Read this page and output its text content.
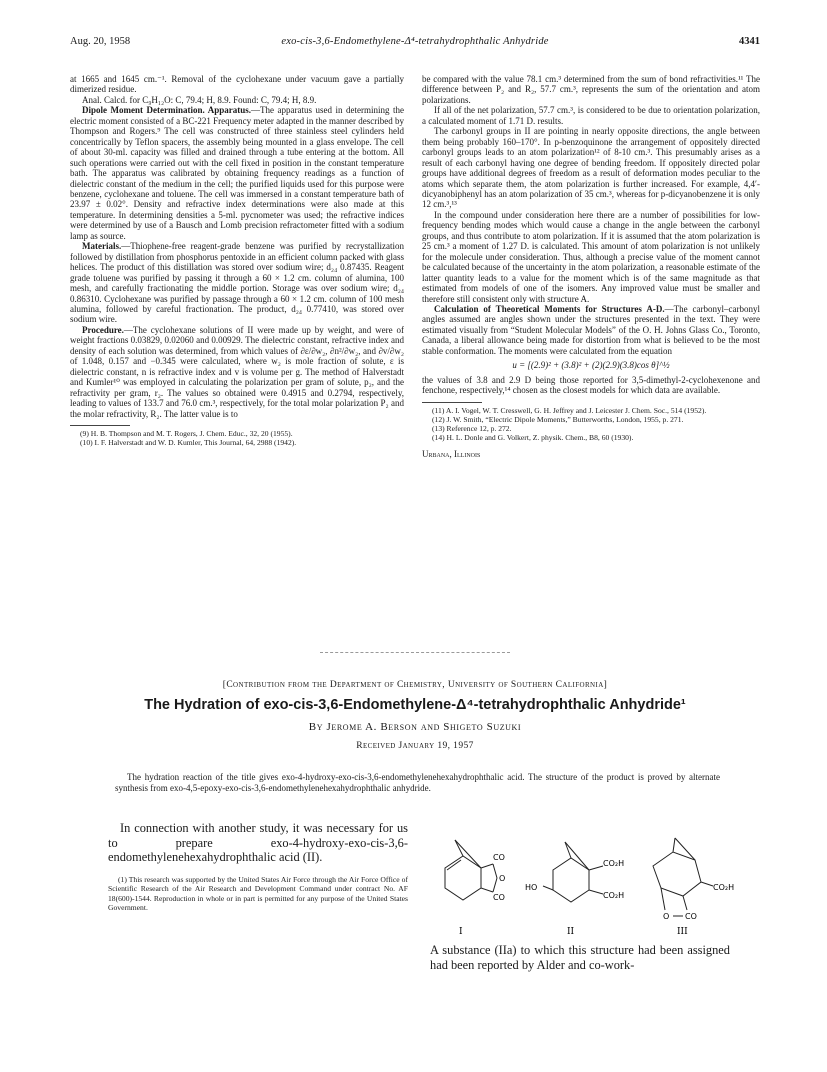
Aug. 20, 1958	exo-cis-3,6-Endomethylene-Δ⁴-tetrahydrophthalic Anhydride	4341

at 1665 and 1645 cm.⁻¹. Removal of the cyclohexane under vacuum gave a partially dimerized residue.

Anal. Calcd. for C₉H₁₂O: C, 79.4; H, 8.9. Found: C, 79.4; H, 8.9.

Dipole Moment Determination. Apparatus.—The apparatus used in determining the electric moment consisted of a BC-221 Frequency meter adapted in the manner described by Thompson and Rogers.⁹ The cell was constructed of three stainless steel cylinders held concentrically by Teflon spacers, the assembly being mounted in a glass envelope. The cell of about 30-ml. capacity was filled and drained through a tube entering at the bottom. All such operations were carried out with the cell fixed in position in the constant temperature bath. The apparatus was calibrated by obtaining frequency readings as a function of dielectric constant of the medium in the cell; the purified liquids used for this purpose were benzene, cyclohexane and toluene. The cell was immersed in a constant temperature bath of 23.97 ± 0.02°. Density and refractive index determinations were also made at this temperature. In determining densities a 5-ml. pycnometer was used; the refractive indices were determined by use of a Bausch and Lomb precision refractometer fitted with a sodium lamp as source.

Materials.—Thiophene-free reagent-grade benzene was purified by recrystallization followed by distillation from phosphorus pentoxide in an efficient column packed with glass helices. The product of this distillation was stored over sodium wire; d₂₄ 0.87435. Reagent grade toluene was purified by passing it through a 60 × 1.2 cm. column of alumina, 100 mesh, and carefully fractionating the middle portion. Storage was over sodium wire; d₂₄ 0.86310. Cyclohexane was purified by passage through a 60 × 1.2 cm. column of 100 mesh alumina, followed by careful fractionation. The product, d₂₄ 0.77410, was stored over sodium wire.

Procedure.—The cyclohexane solutions of II were made up by weight, and were of weight fractions 0.03829, 0.02060 and 0.00929. The dielectric constant, refractive index and density of each solution was determined, from which values of ∂ε/∂w₂, ∂n²/∂w₂, and ∂v/∂w₂ of 1.048, 0.157 and −0.345 were calculated, where w₂ is mole fraction of solute, ε is dielectric constant, n is refractive index and v is volume per g. The method of Halverstadt and Kumler¹⁰ was employed in calculating the polarization per gram of solute, p₂, and the refractivity per gram, r₂. The values so obtained were 0.4915 and 0.2794, respectively, leading to values of 133.7 and 76.0 cm.³, respectively, for the total molar polarization P₂ and the molar refractivity, R₂. The latter value is to

(9) H. B. Thompson and M. T. Rogers, J. Chem. Educ., 32, 20 (1955).

(10) I. F. Halverstadt and W. D. Kumler, This Journal, 64, 2988 (1942).

be compared with the value 78.1 cm.³ determined from the sum of bond refractivities.¹¹ The difference between P₂ and R₂, 57.7 cm.³, represents the sum of the orientation and atom polarizations.

If all of the net polarization, 57.7 cm.³, is considered to be due to orientation polarization, a calculated moment of 1.71 D. results.

The carbonyl groups in II are pointing in nearly opposite directions, the angle between them being probably 160–170°. In p-benzoquinone the arrangement of oppositely directed carbonyl groups leads to an atom polarization¹² of 8-10 cm.³. This presumably arises as a result of each carbonyl having one degree of bending freedom. If oppositely directed polar groups have additional degrees of freedom as a result of deformation modes peculiar to the atoms which separate them, the atom polarization is further increased. For example, 4,4′-dicyanobiphenyl has an atom polarization of 35 cm.³, whereas for p-dicyanobenzene it is only 12 cm.³,¹³

In the compound under consideration here there are a number of possibilities for low-frequency bending modes which would cause a change in the angle between the carbonyl groups, and thus contribute to atom polarization. If it is assumed that the atom polarization is 25 cm.³ a moment of 1.27 D. is calculated. This amount of atom polarization is not unlikely for the molecule under consideration. Thus, although a precise value of the moment cannot be calculated because of the uncertainty in the atom polarization, a reasonable estimate of the latter quantity leads to a value for the moment which is of the same magnitude as that estimated from models of one of the isomers. Any improved value must be smaller and therefore still consistent only with structure A.

Calculation of Theoretical Moments for Structures A-D.—The carbonyl–carbonyl angles assumed are angles shown under the structures presented in the text. They were estimated visually from “Student Molecular Models” of the O. H. Johns Glass Co., Toronto, Canada, a liberal allowance being made for distortion from what is believed to be the most stable conformation. The moments were calculated from the equation

u = [(2.9)² + (3.8)² + (2)(2.9)(3.8)cos θ]^½

the values of 3.8 and 2.9 D being those reported for 3,5-dimethyl-2-cyclohexenone and fenchone, respectively,¹⁴ chosen as the closest models for which data are available.

(11) A. I. Vogel, W. T. Cresswell, G. H. Jeffrey and J. Leicester J. Chem. Soc., 514 (1952).

(12) J. W. Smith, “Electric Dipole Moments,” Butterworths, London, 1955, p. 271.

(13) Reference 12, p. 272.

(14) H. L. Donle and G. Volkert, Z. physik. Chem., B8, 60 (1930).

Urbana, Illinois

[Contribution from the Department of Chemistry, University of Southern California]
The Hydration of exo-cis-3,6-Endomethylene-Δ⁴-tetrahydrophthalic Anhydride¹
By Jerome A. Berson and Shigeto Suzuki
Received January 19, 1957
The hydration reaction of the title gives exo-4-hydroxy-exo-cis-3,6-endomethylenehexahydrophthalic acid. The structure of the product is proved by alternate synthesis from exo-4,5-epoxy-exo-cis-3,6-endomethylenehexahydrophthalic anhydride.

In connection with another study, it was necessary for us to prepare exo-4-hydroxy-exo-cis-3,6-endomethylenehexahydrophthalic acid (II).

(1) This research was supported by the United States Air Force through the Air Force Office of Scientific Research of the Air Research and Development Command under contract No. AF 18(600)-1544. Reproduction in whole or in part is permitted for any purpose of the United States Government.

CO
O
CO
I
HO
CO₂H
CO₂H
II
CO₂H
O CO
III
A substance (IIa) to which this structure had been assigned had been reported by Alder and co-work-
